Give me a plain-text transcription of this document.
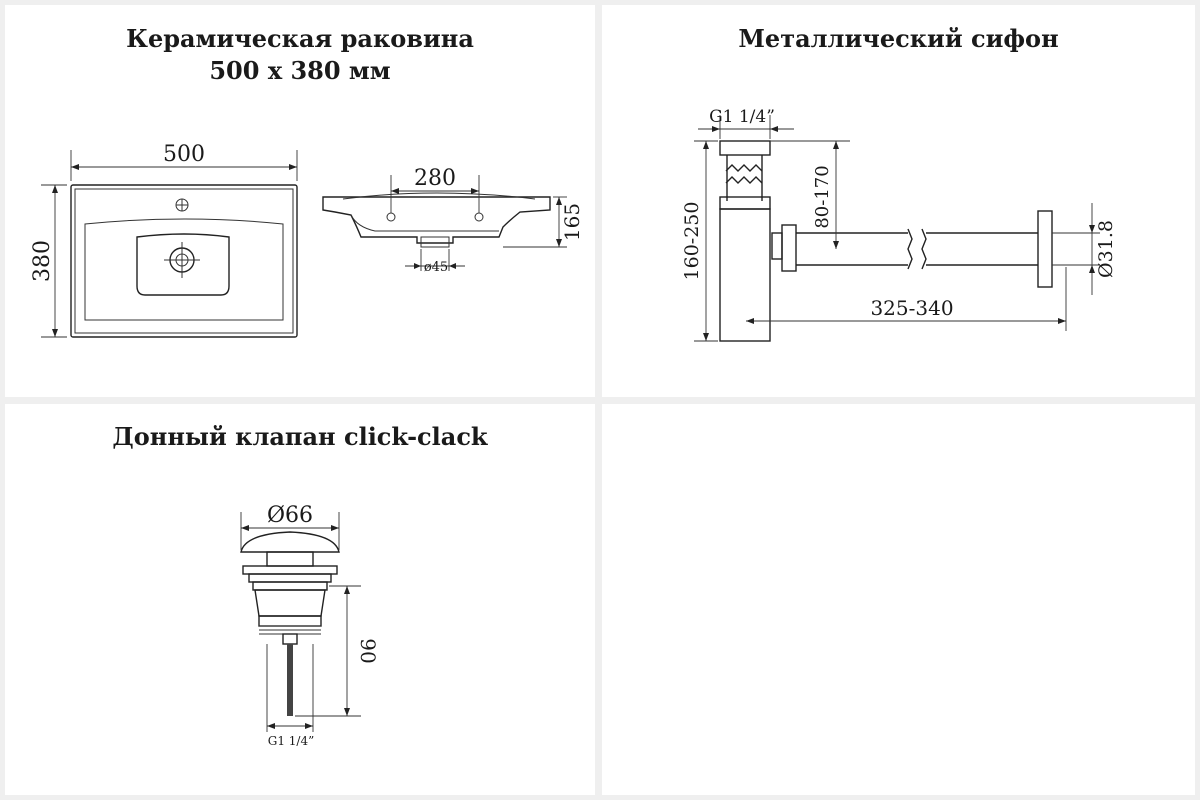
Керамическая раковина
500 x 380 мм
500
380
280
165
ø45
Металлический сифон
G1 1/4”
80-170
160-250
325-340
Ø31.8
Донный клапан click-clack
Ø66
90
G1 1/4”
